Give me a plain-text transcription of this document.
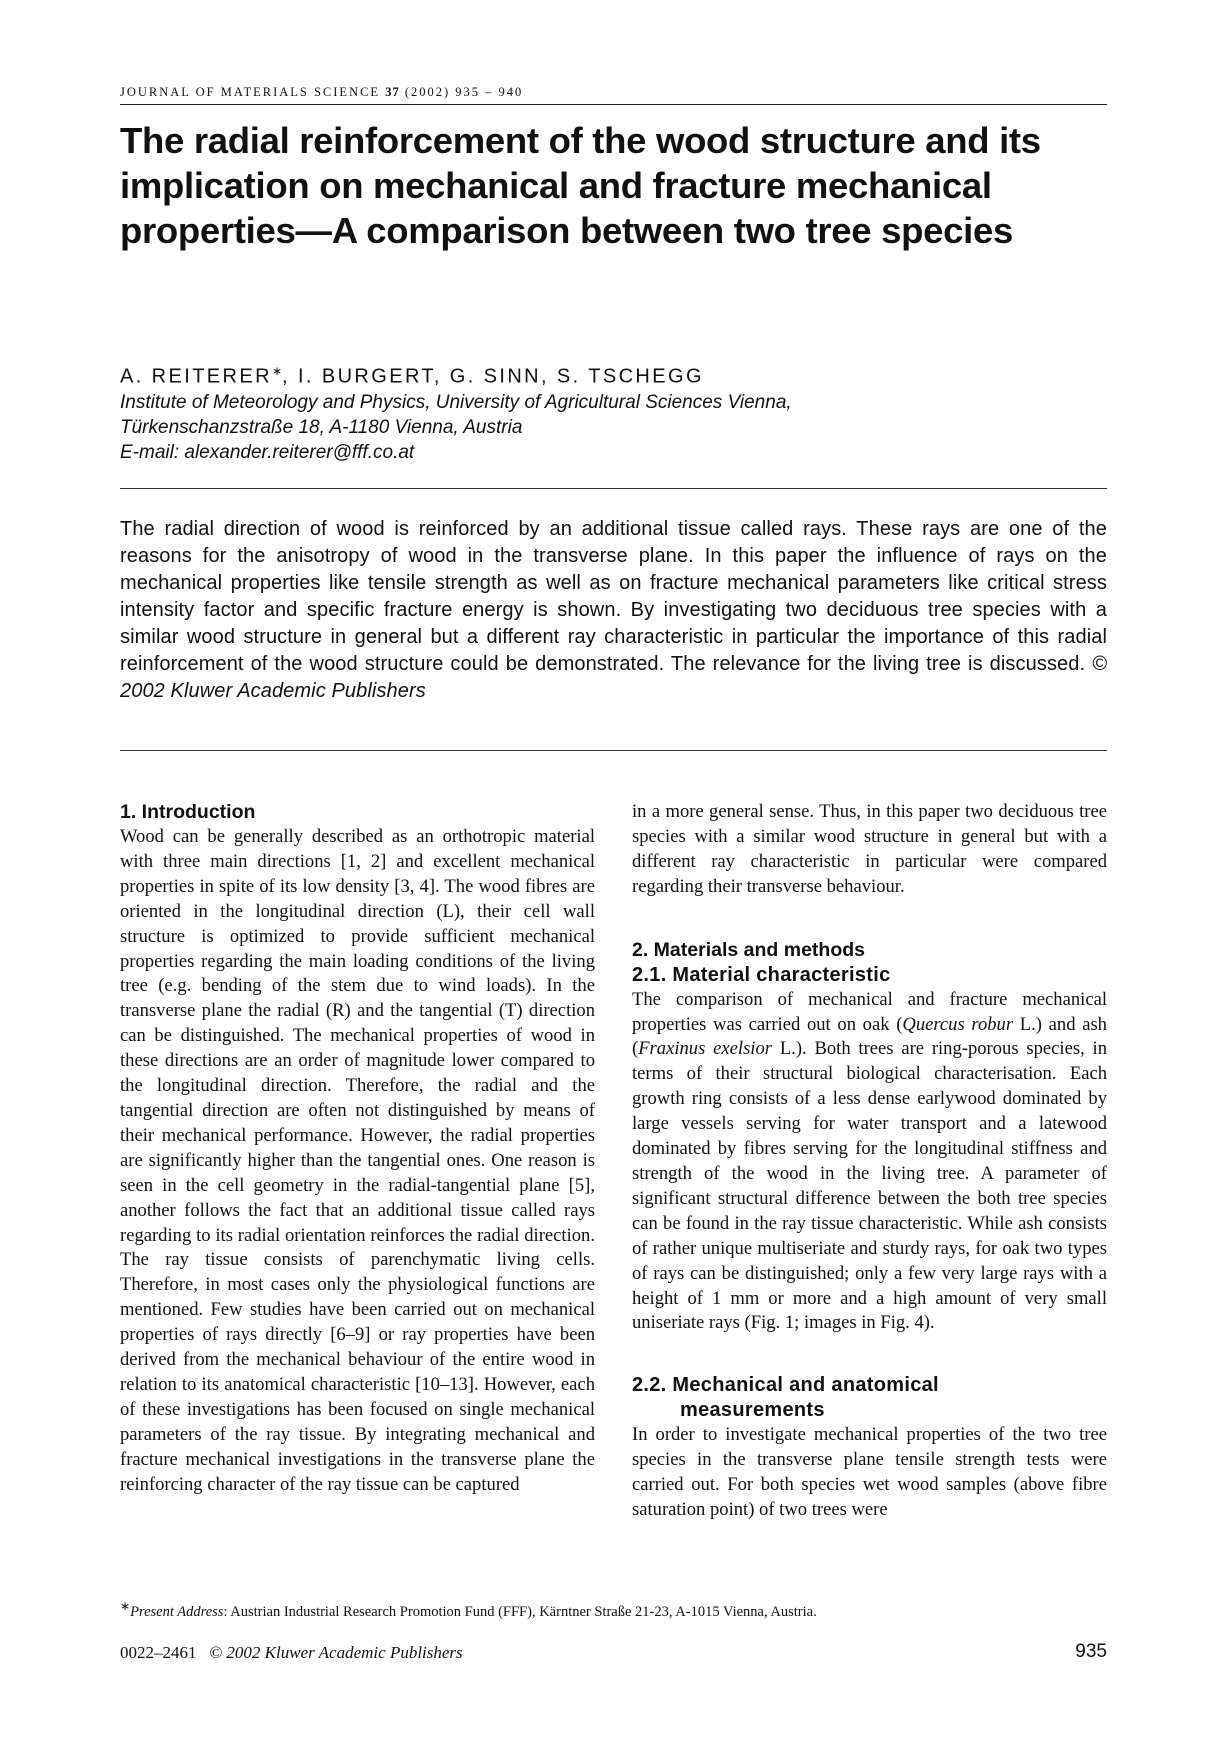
JOURNAL OF MATERIALS SCIENCE 37 (2002) 935 – 940
The radial reinforcement of the wood structure and its implication on mechanical and fracture mechanical properties—A comparison between two tree species
A. REITERER∗, I. BURGERT, G. SINN, S. TSCHEGG
Institute of Meteorology and Physics, University of Agricultural Sciences Vienna,
Türkenschanzstraße 18, A-1180 Vienna, Austria
E-mail: alexander.reiterer@fff.co.at
The radial direction of wood is reinforced by an additional tissue called rays. These rays are one of the reasons for the anisotropy of wood in the transverse plane. In this paper the influence of rays on the mechanical properties like tensile strength as well as on fracture mechanical parameters like critical stress intensity factor and specific fracture energy is shown. By investigating two deciduous tree species with a similar wood structure in general but a different ray characteristic in particular the importance of this radial reinforcement of the wood structure could be demonstrated. The relevance for the living tree is discussed. © 2002 Kluwer Academic Publishers
1. Introduction

Wood can be generally described as an orthotropic material with three main directions [1, 2] and excellent mechanical properties in spite of its low density [3, 4]. The wood fibres are oriented in the longitudinal direction (L), their cell wall structure is optimized to provide sufficient mechanical properties regarding the main loading conditions of the living tree (e.g. bending of the stem due to wind loads). In the transverse plane the radial (R) and the tangential (T) direction can be distinguished. The mechanical properties of wood in these directions are an order of magnitude lower compared to the longitudinal direction. Therefore, the radial and the tangential direction are often not distinguished by means of their mechanical performance. However, the radial properties are significantly higher than the tangential ones. One reason is seen in the cell geometry in the radial-tangential plane [5], another follows the fact that an additional tissue called rays regarding to its radial orientation reinforces the radial direction. The ray tissue consists of parenchymatic living cells. Therefore, in most cases only the physiological functions are mentioned. Few studies have been carried out on mechanical properties of rays directly [6–9] or ray properties have been derived from the mechanical behaviour of the entire wood in relation to its anatomical characteristic [10–13]. However, each of these investigations has been focused on single mechanical parameters of the ray tissue. By integrating mechanical and fracture mechanical investigations in the transverse plane the reinforcing character of the ray tissue can be captured

in a more general sense. Thus, in this paper two deciduous tree species with a similar wood structure in general but with a different ray characteristic in particular were compared regarding their transverse behaviour.

2. Materials and methods
2.1. Material characteristic

The comparison of mechanical and fracture mechanical properties was carried out on oak (Quercus robur L.) and ash (Fraxinus exelsior L.). Both trees are ring-porous species, in terms of their structural biological characterisation. Each growth ring consists of a less dense earlywood dominated by large vessels serving for water transport and a latewood dominated by fibres serving for the longitudinal stiffness and strength of the wood in the living tree. A parameter of significant structural difference between the both tree species can be found in the ray tissue characteristic. While ash consists of rather unique multiseriate and sturdy rays, for oak two types of rays can be distinguished; only a few very large rays with a height of 1 mm or more and a high amount of very small uniseriate rays (Fig. 1; images in Fig. 4).

2.2. Mechanical and anatomical
measurements

In order to investigate mechanical properties of the two tree species in the transverse plane tensile strength tests were carried out. For both species wet wood samples (above fibre saturation point) of two trees were

∗Present Address: Austrian Industrial Research Promotion Fund (FFF), Kärntner Straße 21-23, A-1015 Vienna, Austria.
0022–2461 © 2002 Kluwer Academic Publishers	935
